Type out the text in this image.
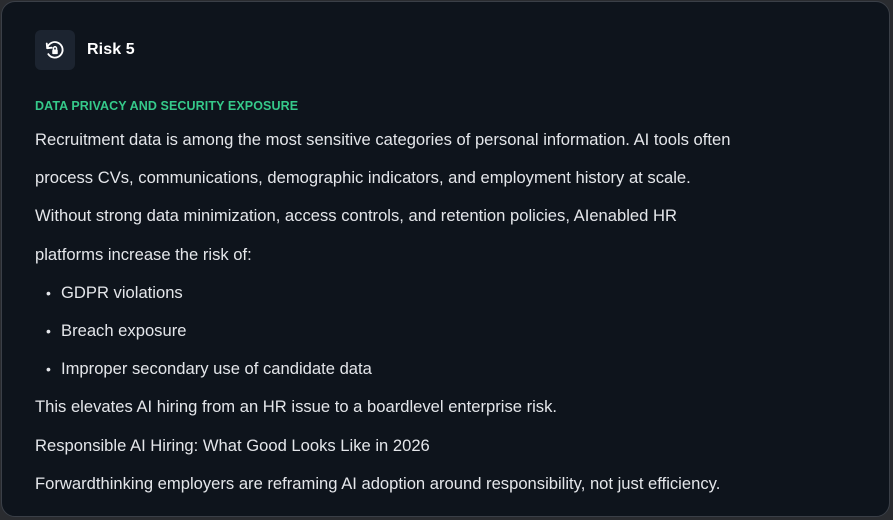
Risk 5
DATA PRIVACY AND SECURITY EXPOSURE

Recruitment data is among the most sensitive categories of personal information. AI tools often

process CVs, communications, demographic indicators, and employment history at scale.

Without strong data minimization, access controls, and retention policies, AIenabled HR

platforms increase the risk of:

• GDPR violations
• Breach exposure
• Improper secondary use of candidate data

This elevates AI hiring from an HR issue to a boardlevel enterprise risk.

Responsible AI Hiring: What Good Looks Like in 2026

Forwardthinking employers are reframing AI adoption around responsibility, not just efficiency.
